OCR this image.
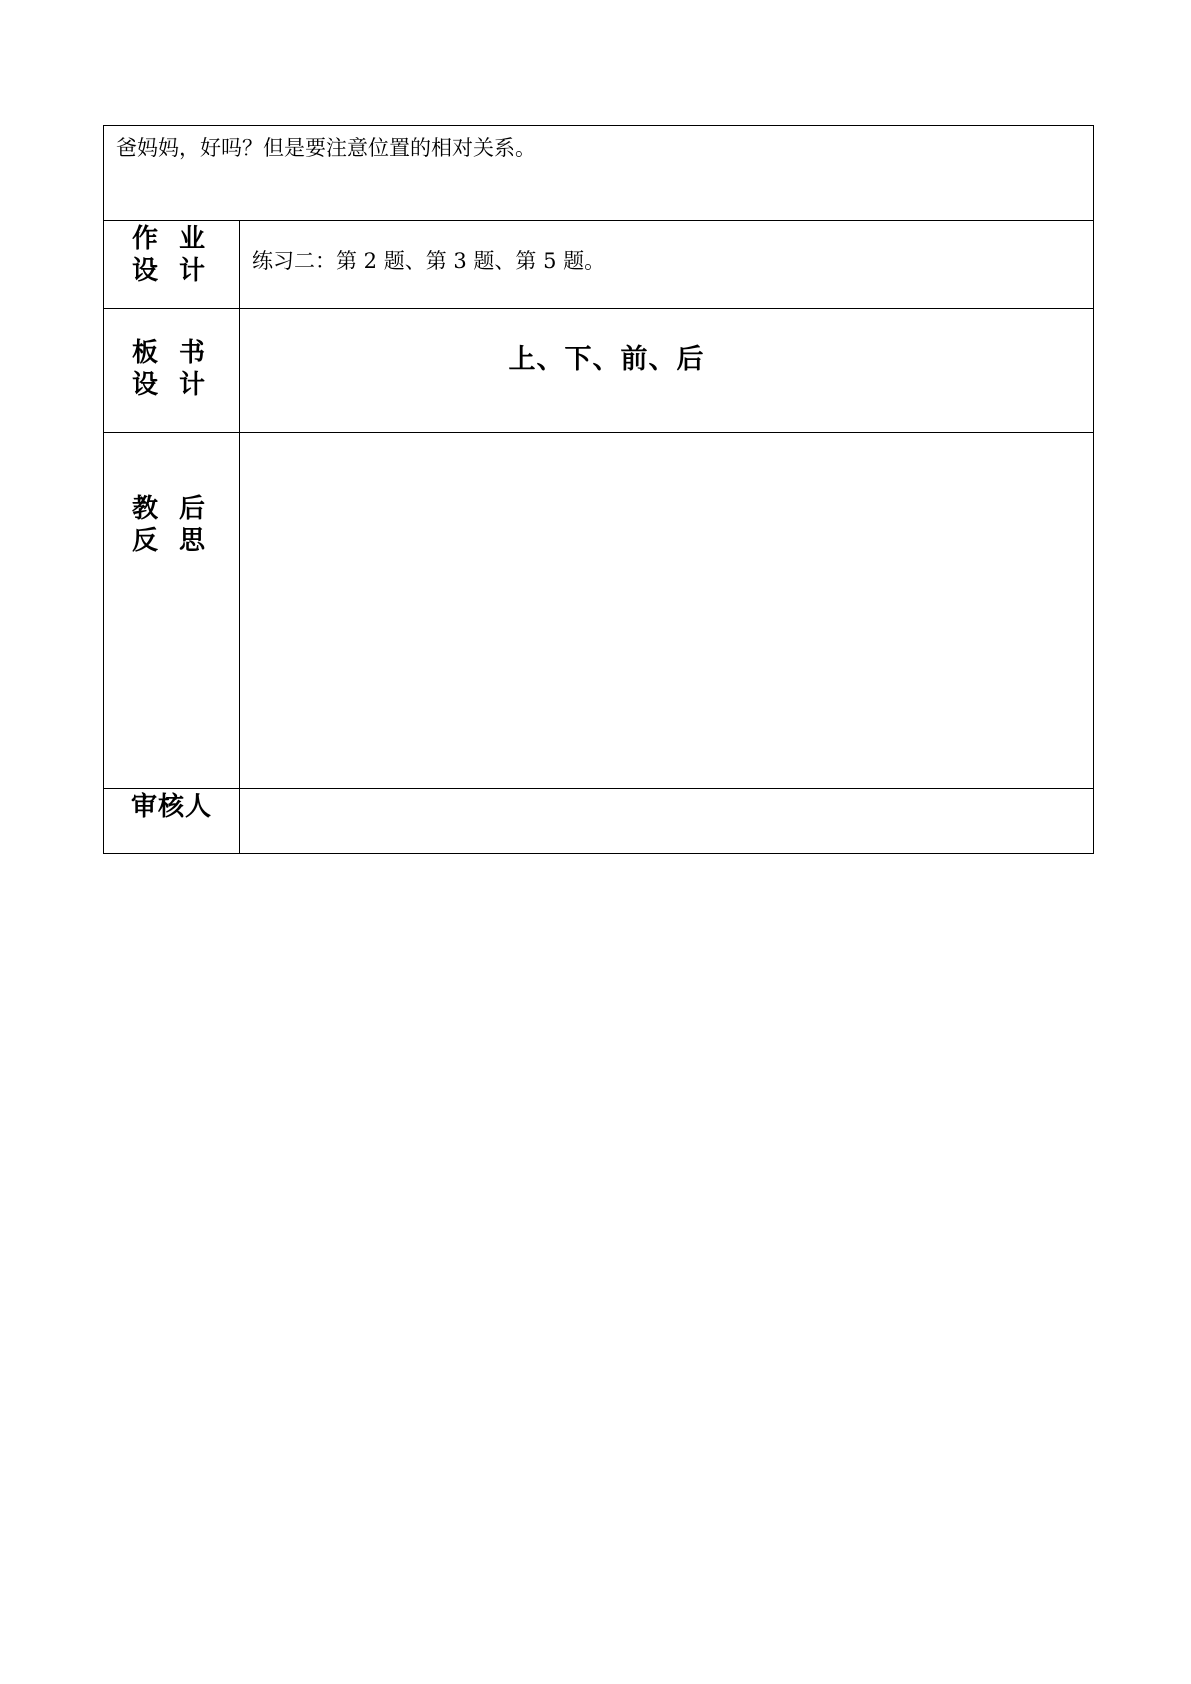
爸妈妈，好吗？但是要注意位置的相对关系。	

作 业
设 计	练习二：第 2 题、第 3 题、第 5 题。

板 书
设 计	上、下、前、后

教 后
反 思	

审核人	
